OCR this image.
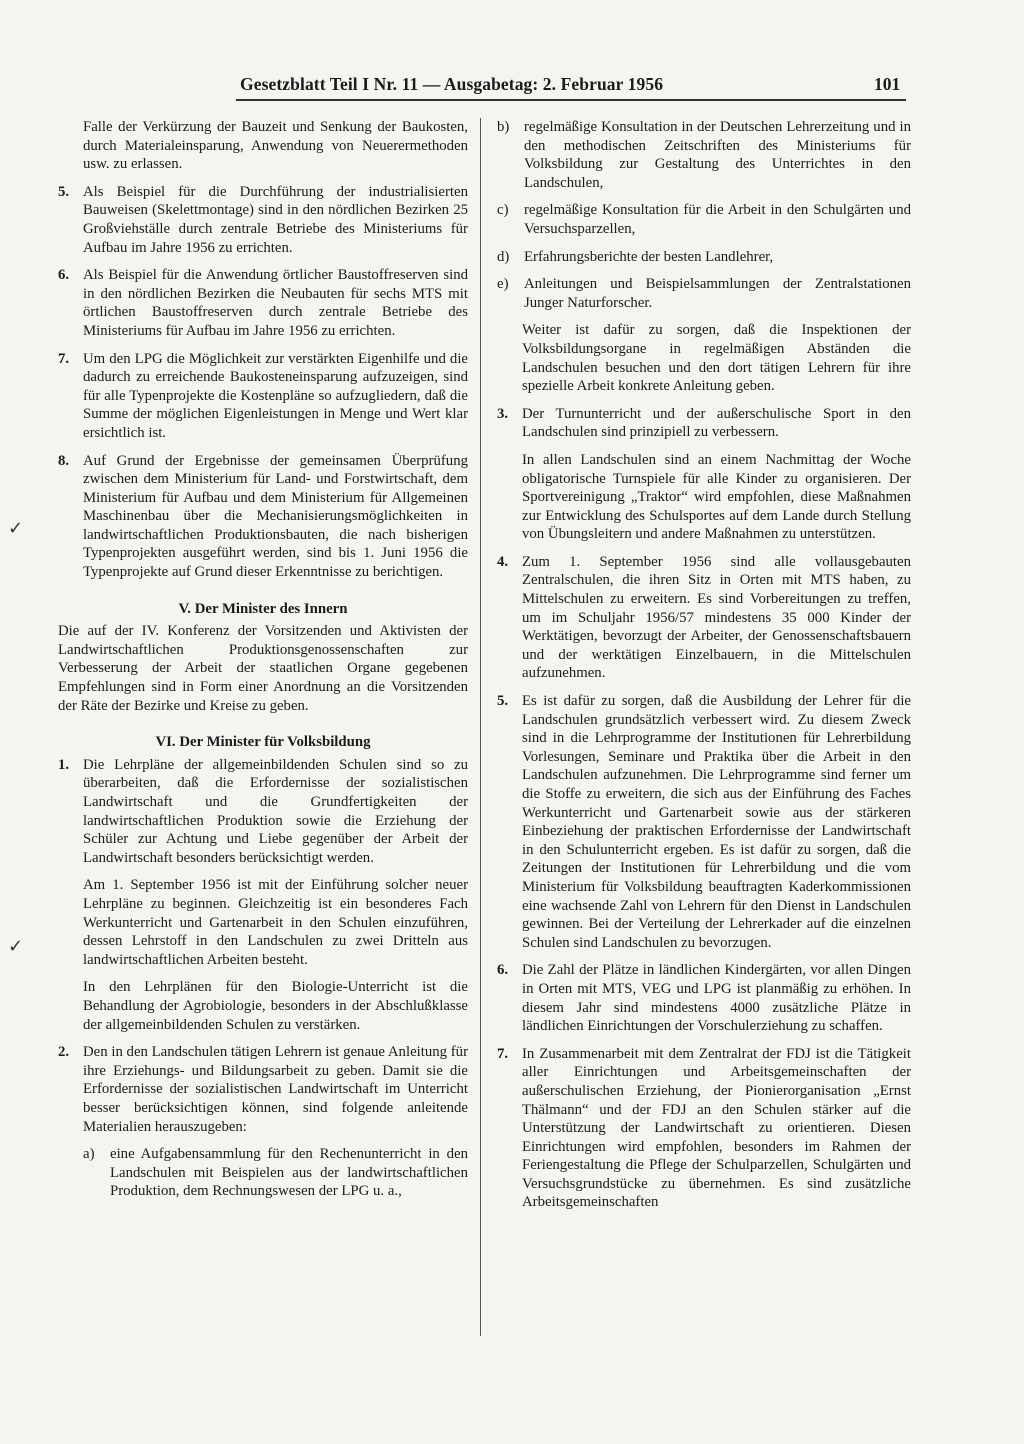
Gesetzblatt Teil I Nr. 11 — Ausgabetag: 2. Februar 1956	101
✓
✓
Falle der Verkürzung der Bauzeit und Senkung der Baukosten, durch Materialeinsparung, Anwendung von Neuerermethoden usw. zu erlassen.
5. Als Beispiel für die Durchführung der industrialisierten Bauweisen (Skelettmontage) sind in den nördlichen Bezirken 25 Großviehställe durch zentrale Betriebe des Ministeriums für Aufbau im Jahre 1956 zu errichten.
6. Als Beispiel für die Anwendung örtlicher Baustoffreserven sind in den nördlichen Bezirken die Neubauten für sechs MTS mit örtlichen Baustoffreserven durch zentrale Betriebe des Ministeriums für Aufbau im Jahre 1956 zu errichten.
7. Um den LPG die Möglichkeit zur verstärkten Eigenhilfe und die dadurch zu erreichende Baukosteneinsparung aufzuzeigen, sind für alle Typenprojekte die Kostenpläne so aufzugliedern, daß die Summe der möglichen Eigenleistungen in Menge und Wert klar ersichtlich ist.
8. Auf Grund der Ergebnisse der gemeinsamen Überprüfung zwischen dem Ministerium für Land- und Forstwirtschaft, dem Ministerium für Aufbau und dem Ministerium für Allgemeinen Maschinenbau über die Mechanisierungsmöglichkeiten in landwirtschaftlichen Produktionsbauten, die nach bisherigen Typenprojekten ausgeführt werden, sind bis 1. Juni 1956 die Typenprojekte auf Grund dieser Erkenntnisse zu berichtigen.
V. Der Minister des Innern
Die auf der IV. Konferenz der Vorsitzenden und Aktivisten der Landwirtschaftlichen Produktionsgenossenschaften zur Verbesserung der Arbeit der staatlichen Organe gegebenen Empfehlungen sind in Form einer Anordnung an die Vorsitzenden der Räte der Bezirke und Kreise zu geben.
VI. Der Minister für Volksbildung
1. Die Lehrpläne der allgemeinbildenden Schulen sind so zu überarbeiten, daß die Erfordernisse der sozialistischen Landwirtschaft und die Grundfertigkeiten der landwirtschaftlichen Produktion sowie die Erziehung der Schüler zur Achtung und Liebe gegenüber der Arbeit der Landwirtschaft besonders berücksichtigt werden.
Am 1. September 1956 ist mit der Einführung solcher neuer Lehrpläne zu beginnen. Gleichzeitig ist ein besonderes Fach Werkunterricht und Gartenarbeit in den Schulen einzuführen, dessen Lehrstoff in den Landschulen zu zwei Dritteln aus landwirtschaftlichen Arbeiten besteht.
In den Lehrplänen für den Biologie-Unterricht ist die Behandlung der Agrobiologie, besonders in der Abschlußklasse der allgemeinbildenden Schulen zu verstärken.
2. Den in den Landschulen tätigen Lehrern ist genaue Anleitung für ihre Erziehungs- und Bildungsarbeit zu geben. Damit sie die Erfordernisse der sozialistischen Landwirtschaft im Unterricht besser berücksichtigen können, sind folgende anleitende Materialien herauszugeben:
a)	eine Aufgabensammlung für den Rechenunterricht in den Landschulen mit Beispielen aus der landwirtschaftlichen Produktion, dem Rechnungswesen der LPG u. a.,
b) regelmäßige Konsultation in der Deutschen Lehrerzeitung und in den methodischen Zeitschriften des Ministeriums für Volksbildung zur Gestaltung des Unterrichtes in den Landschulen,
c)	regelmäßige Konsultation für die Arbeit in den Schulgärten und Versuchsparzellen,
d) Erfahrungsberichte der besten Landlehrer,
e)	Anleitungen und Beispielsammlungen der Zentralstationen Junger Naturforscher.
Weiter ist dafür zu sorgen, daß die Inspektionen der Volksbildungsorgane in regelmäßigen Abständen die Landschulen besuchen und den dort tätigen Lehrern für ihre spezielle Arbeit konkrete Anleitung geben.
3. Der Turnunterricht und der außerschulische Sport in den Landschulen sind prinzipiell zu verbessern.
In allen Landschulen sind an einem Nachmittag der Woche obligatorische Turnspiele für alle Kinder zu organisieren. Der Sportvereinigung „Traktor“ wird empfohlen, diese Maßnahmen zur Entwicklung des Schulsportes auf dem Lande durch Stellung von Übungsleitern und andere Maßnahmen zu unterstützen.
4. Zum 1. September 1956 sind alle vollausgebauten Zentralschulen, die ihren Sitz in Orten mit MTS haben, zu Mittelschulen zu erweitern. Es sind Vorbereitungen zu treffen, um im Schuljahr 1956/57 mindestens 35 000 Kinder der Werktätigen, bevorzugt der Arbeiter, der Genossenschaftsbauern und der werktätigen Einzelbauern, in die Mittelschulen aufzunehmen.
5. Es ist dafür zu sorgen, daß die Ausbildung der Lehrer für die Landschulen grundsätzlich verbessert wird. Zu diesem Zweck sind in die Lehrprogramme der Institutionen für Lehrerbildung Vorlesungen, Seminare und Praktika über die Arbeit in den Landschulen aufzunehmen. Die Lehrprogramme sind ferner um die Stoffe zu erweitern, die sich aus der Einführung des Faches Werkunterricht und Gartenarbeit sowie aus der stärkeren Einbeziehung der praktischen Erfordernisse der Landwirtschaft in den Schulunterricht ergeben. Es ist dafür zu sorgen, daß die Zeitungen der Institutionen für Lehrerbildung und die vom Ministerium für Volksbildung beauftragten Kaderkommissionen eine wachsende Zahl von Lehrern für den Dienst in Landschulen gewinnen. Bei der Verteilung der Lehrerkader auf die einzelnen Schulen sind Landschulen zu bevorzugen.
6. Die Zahl der Plätze in ländlichen Kindergärten, vor allen Dingen in Orten mit MTS, VEG und LPG ist planmäßig zu erhöhen. In diesem Jahr sind mindestens 4000 zusätzliche Plätze in ländlichen Einrichtungen der Vorschulerziehung zu schaffen.
7. In Zusammenarbeit mit dem Zentralrat der FDJ ist die Tätigkeit aller Einrichtungen und Arbeitsgemeinschaften der außerschulischen Erziehung, der Pionierorganisation „Ernst Thälmann“ und der FDJ an den Schulen stärker auf die Unterstützung der Landwirtschaft zu orientieren. Diesen Einrichtungen wird empfohlen, besonders im Rahmen der Feriengestaltung die Pflege der Schulparzellen, Schulgärten und Versuchsgrundstücke zu übernehmen. Es sind zusätzliche Arbeitsgemeinschaften
